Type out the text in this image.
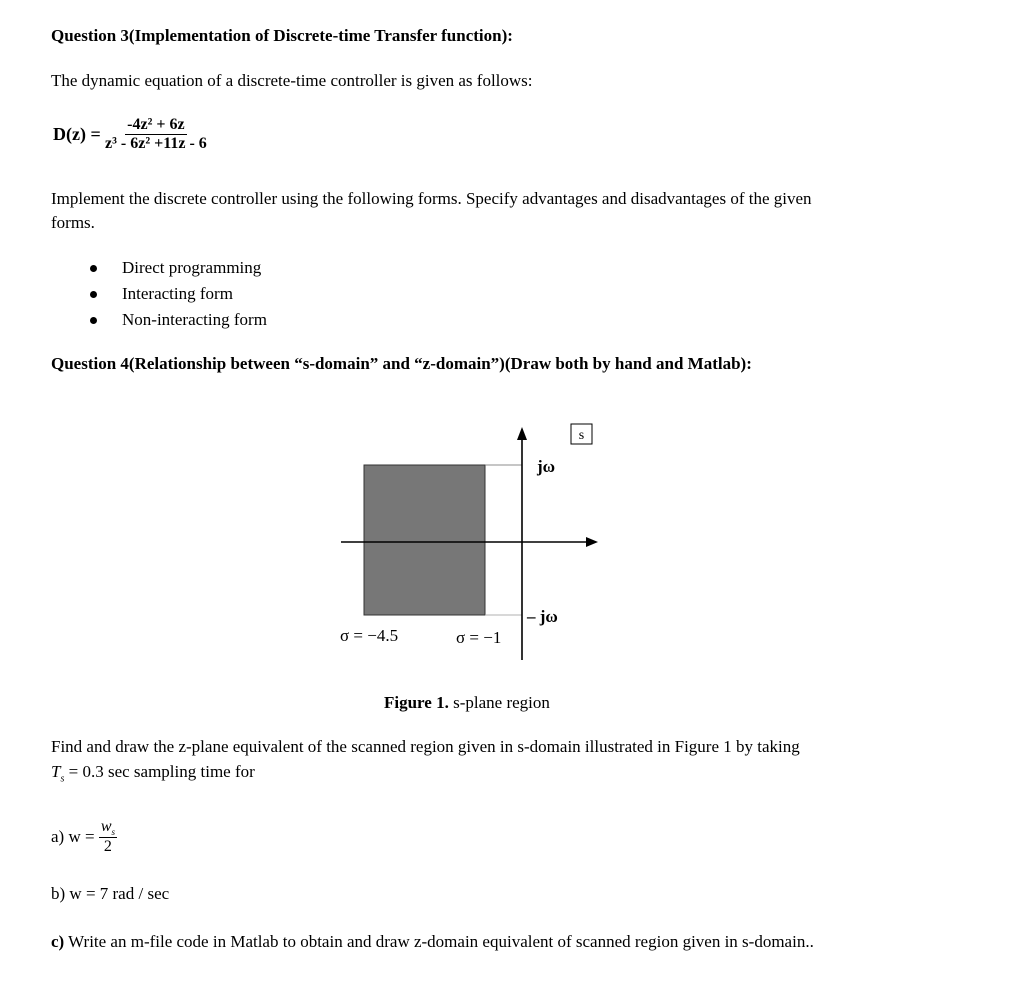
Question 3(Implementation of Discrete-time Transfer function):
The dynamic equation of a discrete-time controller is given as follows:
$D(z) = \frac{\text{-4z² + 6z}}{\text{z³ - 6z² +11z - 6}}$
Implement the discrete controller using the following forms. Specify advantages and disadvantages of the given
forms.
Direct programming
Interacting form
Non-interacting form
Question 4(Relationship between “s-domain” and “z-domain”)(Draw both by hand and Matlab):
s
jω
– jω
σ = −4.5	σ = −1
Figure 1. s-plane region
Find and draw the z-plane equivalent of the scanned region given in s-domain illustrated in Figure 1 by taking
$T_s = 0.3$ sec sampling time for
a) $w = \frac{w_s}{2}$
b) w = 7 rad / sec
c) Write an m-file code in Matlab to obtain and draw z-domain equivalent of scanned region given in s-domain..
